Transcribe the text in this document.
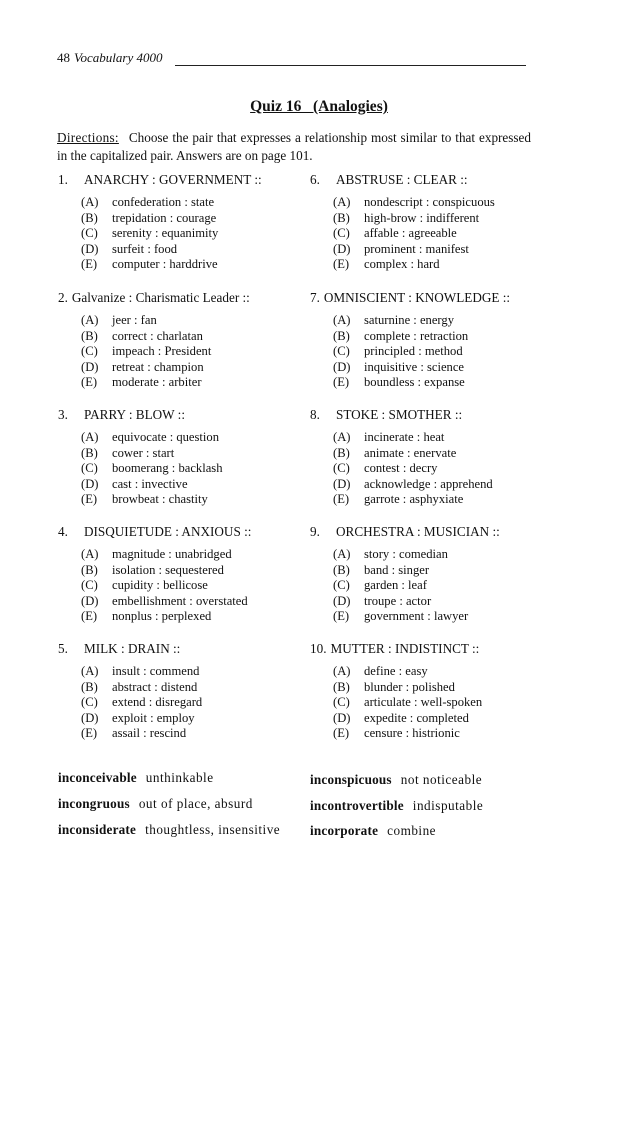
48 Vocabulary 4000
Quiz 16   (Analogies)
Directions: Choose the pair that expresses a relationship most similar to that expressed in the capitalized pair. Answers are on page 101.
1. ANARCHY : GOVERNMENT ::
(A) confederation : state
(B) trepidation : courage
(C) serenity : equanimity
(D) surfeit : food
(E) computer : harddrive
2. Galvanize : Charismatic Leader ::
(A) jeer : fan
(B) correct : charlatan
(C) impeach : President
(D) retreat : champion
(E) moderate : arbiter
3. PARRY : BLOW ::
(A) equivocate : question
(B) cower : start
(C) boomerang : backlash
(D) cast : invective
(E) browbeat : chastity
4. DISQUIETUDE : ANXIOUS ::
(A) magnitude : unabridged
(B) isolation : sequestered
(C) cupidity : bellicose
(D) embellishment : overstated
(E) nonplus : perplexed
5. MILK : DRAIN ::
(A) insult : commend
(B) abstract : distend
(C) extend : disregard
(D) exploit : employ
(E) assail : rescind
6. ABSTRUSE : CLEAR ::
(A) nondescript : conspicuous
(B) high-brow : indifferent
(C) affable : agreeable
(D) prominent : manifest
(E) complex : hard
7. OMNISCIENT : KNOWLEDGE ::
(A) saturnine : energy
(B) complete : retraction
(C) principled : method
(D) inquisitive : science
(E) boundless : expanse
8. STOKE : SMOTHER ::
(A) incinerate : heat
(B) animate : enervate
(C) contest : decry
(D) acknowledge : apprehend
(E) garrote : asphyxiate
9. ORCHESTRA : MUSICIAN ::
(A) story : comedian
(B) band : singer
(C) garden : leaf
(D) troupe : actor
(E) government : lawyer
10. MUTTER : INDISTINCT ::
(A) define : easy
(B) blunder : polished
(C) articulate : well-spoken
(D) expedite : completed
(E) censure : histrionic
inconceivable unthinkable
incongruous out of place, absurd
inconsiderate thoughtless, insensitive
inconspicuous not noticeable
incontrovertible indisputable
incorporate combine
